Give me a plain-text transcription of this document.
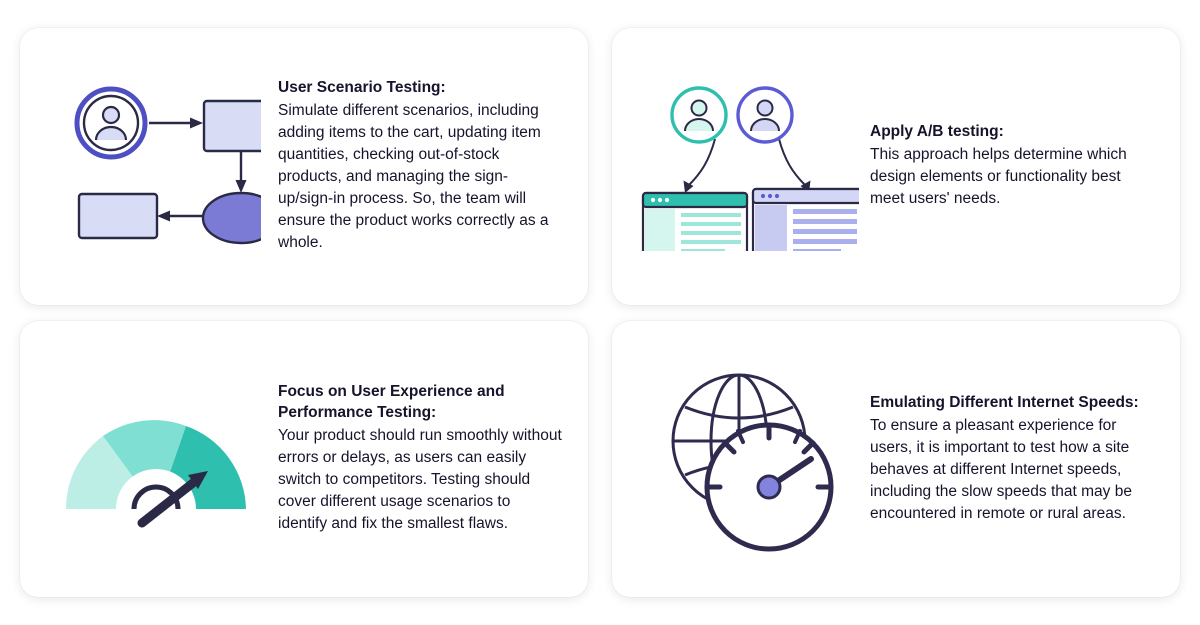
User Scenario Testing:
Simulate different scenarios, including adding items to the cart, updating item quantities, checking out-of-stock products, and managing the sign-up/sign-in process. So, the team will ensure the product works correctly as a whole.
Apply A/B testing:
This approach helps determine which design elements or functionality best meet users' needs.
Focus on User Experience and Performance Testing:
Your product should run smoothly without errors or delays, as users can easily switch to competitors. Testing should cover different usage scenarios to identify and fix the smallest flaws.
Emulating Different Internet Speeds:
To ensure a pleasant experience for users, it is important to test how a site behaves at different Internet speeds, including the slow speeds that may be encountered in remote or rural areas.
